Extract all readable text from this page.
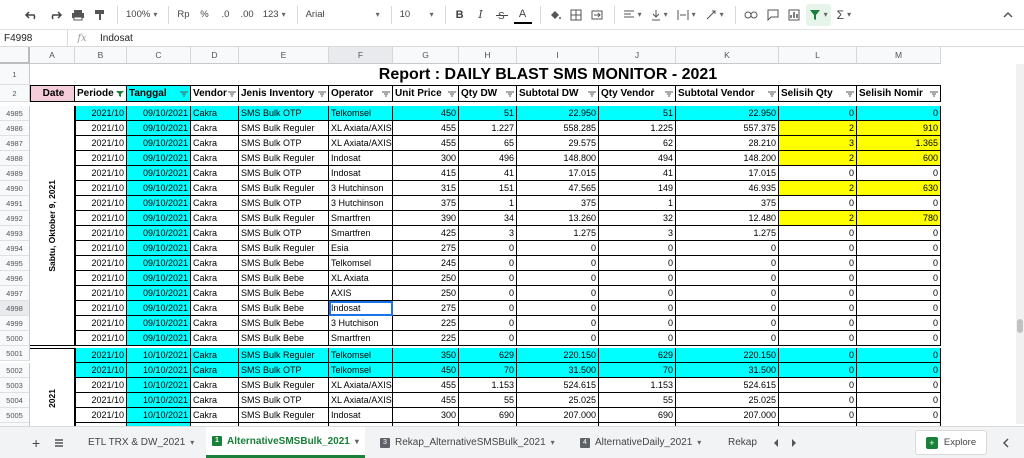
100% ▾	Rp	%	.0	.00 123 ▾	Arial
▾	10
▾	B	I	S	A ▾ ▾ ▾ ▾ ▾	Σ ▾
F4998	fx	Indosat
A	B	C	D	E	F	G	H	I	J	K	L	M
1
2
4985
4986
4987
4988
4989
4990
4991
4992
4993
4994
4995
4996
4997
4998
4999
5000
5001
5002
5003
5004
5005
Report : DAILY BLAST SMS MONITOR - 2021
Date	Periode	Tanggal	Vendor	Jenis Inventory	Operator	Unit Price	Qty DW	Subtotal DW	Qty Vendor	Subtotal Vendor	Selisih Qty	Selisih Nomir
Sabtu, Oktober 9, 2021
2021
2021/10	09/10/2021 Cakra	SMS Bulk OTP	Telkomsel	450	51	22.950	51	22.950	0	0
2021/10	09/10/2021 Cakra	SMS Bulk Reguler	XL Axiata/AXIS	455	1.227	558.285	1.225	557.375	2	910
2021/10	09/10/2021 Cakra	SMS Bulk OTP	XL Axiata/AXIS	455	65	29.575	62	28.210	3	1.365
2021/10	09/10/2021 Cakra	SMS Bulk Reguler	Indosat	300	496	148.800	494	148.200	2	600
2021/10	09/10/2021 Cakra	SMS Bulk OTP	Indosat	415	41	17.015	41	17.015	0	0
2021/10	09/10/2021 Cakra	SMS Bulk Reguler	3 Hutchinson	315	151	47.565	149	46.935	2	630
2021/10	09/10/2021 Cakra	SMS Bulk OTP	3 Hutchinson	375	1	375	1	375	0	0
2021/10	09/10/2021 Cakra	SMS Bulk Reguler	Smartfren	390	34	13.260	32	12.480	2	780
2021/10	09/10/2021 Cakra	SMS Bulk OTP	Smartfren	425	3	1.275	3	1.275	0	0
2021/10	09/10/2021 Cakra	SMS Bulk Reguler	Esia	275	0	0	0	0	0	0
2021/10	09/10/2021 Cakra	SMS Bulk Bebe	Telkomsel	245	0	0	0	0	0	0
2021/10	09/10/2021 Cakra	SMS Bulk Bebe	XL Axiata	250	0	0	0	0	0	0
2021/10	09/10/2021 Cakra	SMS Bulk Bebe	AXIS	250	0	0	0	0	0	0
2021/10	09/10/2021 Cakra	SMS Bulk Bebe	Indosat	275	0	0	0	0	0	0
2021/10	09/10/2021 Cakra	SMS Bulk Bebe	3 Hutchison	225	0	0	0	0	0	0
2021/10	09/10/2021 Cakra	SMS Bulk Bebe	Smartfren	225	0	0	0	0	0	0
2021/10	10/10/2021 Cakra	SMS Bulk Reguler	Telkomsel	350	629	220.150	629	220.150	0	0
2021/10	10/10/2021 Cakra	SMS Bulk OTP	Telkomsel	450	70	31.500	70	31.500	0	0
2021/10	10/10/2021 Cakra	SMS Bulk Reguler	XL Axiata/AXIS	455	1.153	524.615	1.153	524.615	0	0
2021/10	10/10/2021 Cakra	SMS Bulk OTP	XL Axiata/AXIS	455	55	25.025	55	25.025	0	0
2021/10	10/10/2021 Cakra	SMS Bulk Reguler	Indosat	300	690	207.000	690	207.000	0	0
+	ETL TRX & DW_2021 ▾	1 AlternativeSMSBulk_2021 ▾	3 Rekap_AlternativeSMSBulk_2021 ▾	4 AlternativeDaily_2021 ▾	Rekap	+ Explore
